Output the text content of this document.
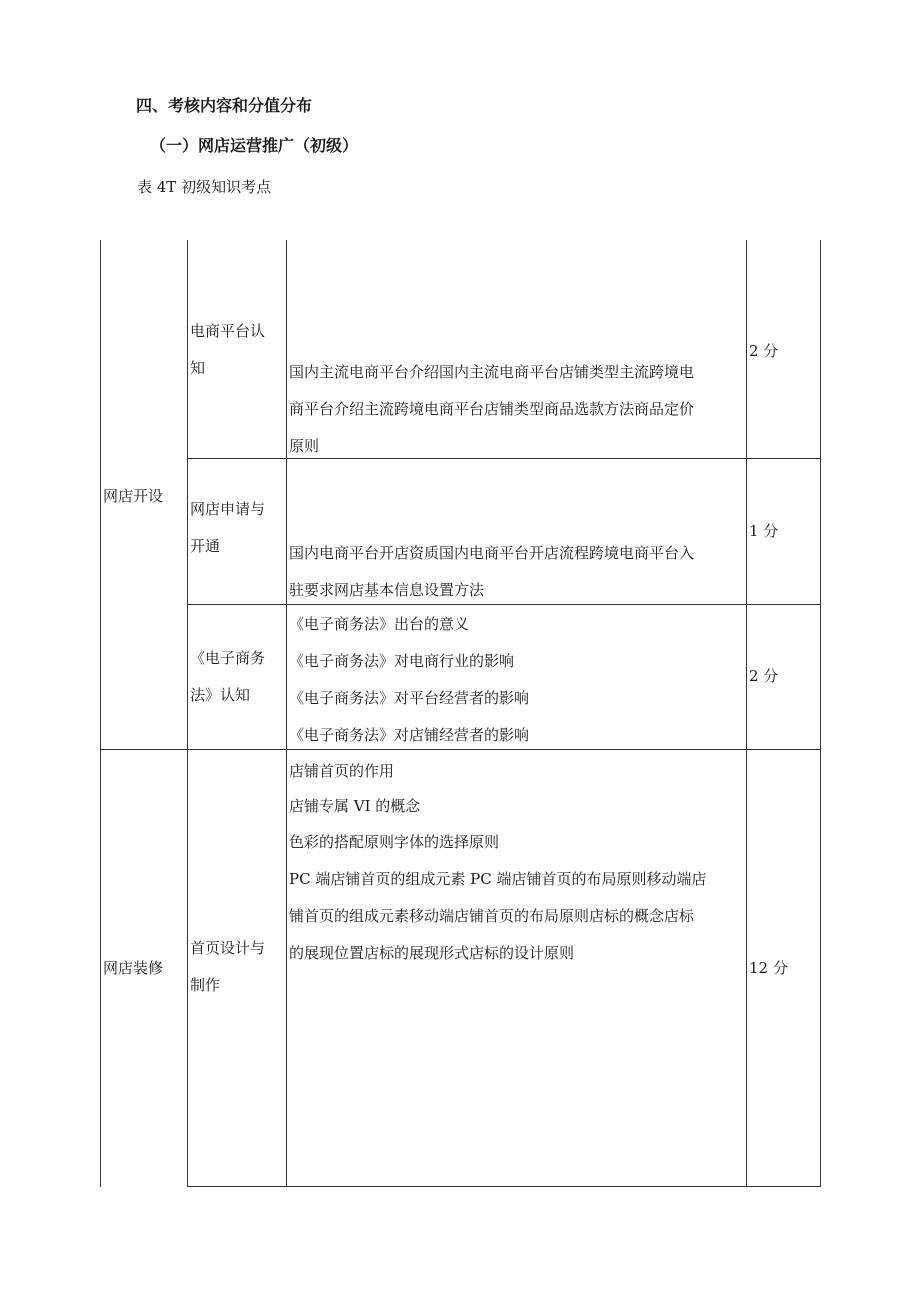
四、考核内容和分值分布
（一）网店运营推广（初级）
表 4T 初级知识考点
网店开设

电商平台认

知	国内主流电商平台介绍国内主流电商平台店铺类型主流跨境电

商平台介绍主流跨境电商平台店铺类型商品选款方法商品定价

原则

2 分

网店申请与

开通	国内电商平台开店资质国内电商平台开店流程跨境电商平台入

驻要求网店基本信息设置方法

1 分

《电子商务

法》认知

《电子商务法》出台的意义

《电子商务法》对电商行业的影响

《电子商务法》对平台经营者的影响

《电子商务法》对店铺经营者的影响

2 分
网店装修

首页设计与

制作

店铺首页的作用

店铺专属 VI 的概念

色彩的搭配原则字体的选择原则

PC 端店铺首页的组成元素 PC 端店铺首页的布局原则移动端店

铺首页的组成元素移动端店铺首页的布局原则店标的概念店标

的展现位置店标的展现形式店标的设计原则

12 分
